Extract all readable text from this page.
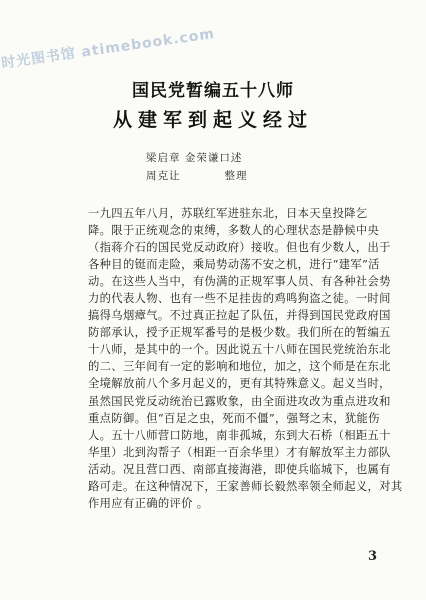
时光图书馆 atimebook.com
国民党暂编五十八师
从建军到起义经过
梁启章 金荣谦口述
周克让	整理
一九四五年八月，苏联红军进驻东北，日本天皇投降乞
降。限于正统观念的束缚，多数人的心理状态是静候中央
（指蒋介石的国民党反动政府）接收。但也有少数人，出于
各种目的铤而走险，乘局势动荡不安之机，进行“建军”活
动。在这些人当中，有伪满的正规军事人员、有各种社会势
力的代表人物、也有一些不足挂齿的鸡鸣狗盗之徒。一时间
搞得乌烟瘴气。不过真正拉起了队伍，并得到国民党政府国
防部承认，授予正规军番号的是极少数。我们所在的暂编五
十八师，是其中的一个。因此说五十八师在国民党统治东北
的二、三年间有一定的影响和地位，加之，这个师是在东北
全境解放前八个多月起义的，更有其特殊意义。起义当时，
虽然国民党反动统治已露败象，由全面进攻改为重点进攻和
重点防御。但“百足之虫，死而不僵”，强弩之末，犹能伤
人。五十八师营口防地，南非孤城，东到大石桥（相距五十
华里）北到沟帮子（相距一百余华里）才有解放军主力部队
活动。况且营口西、南部直接海港，即使兵临城下，也属有
路可走。在这种情况下，王家善师长毅然率领全师起义，对其
作用应有正确的评价 。
3
